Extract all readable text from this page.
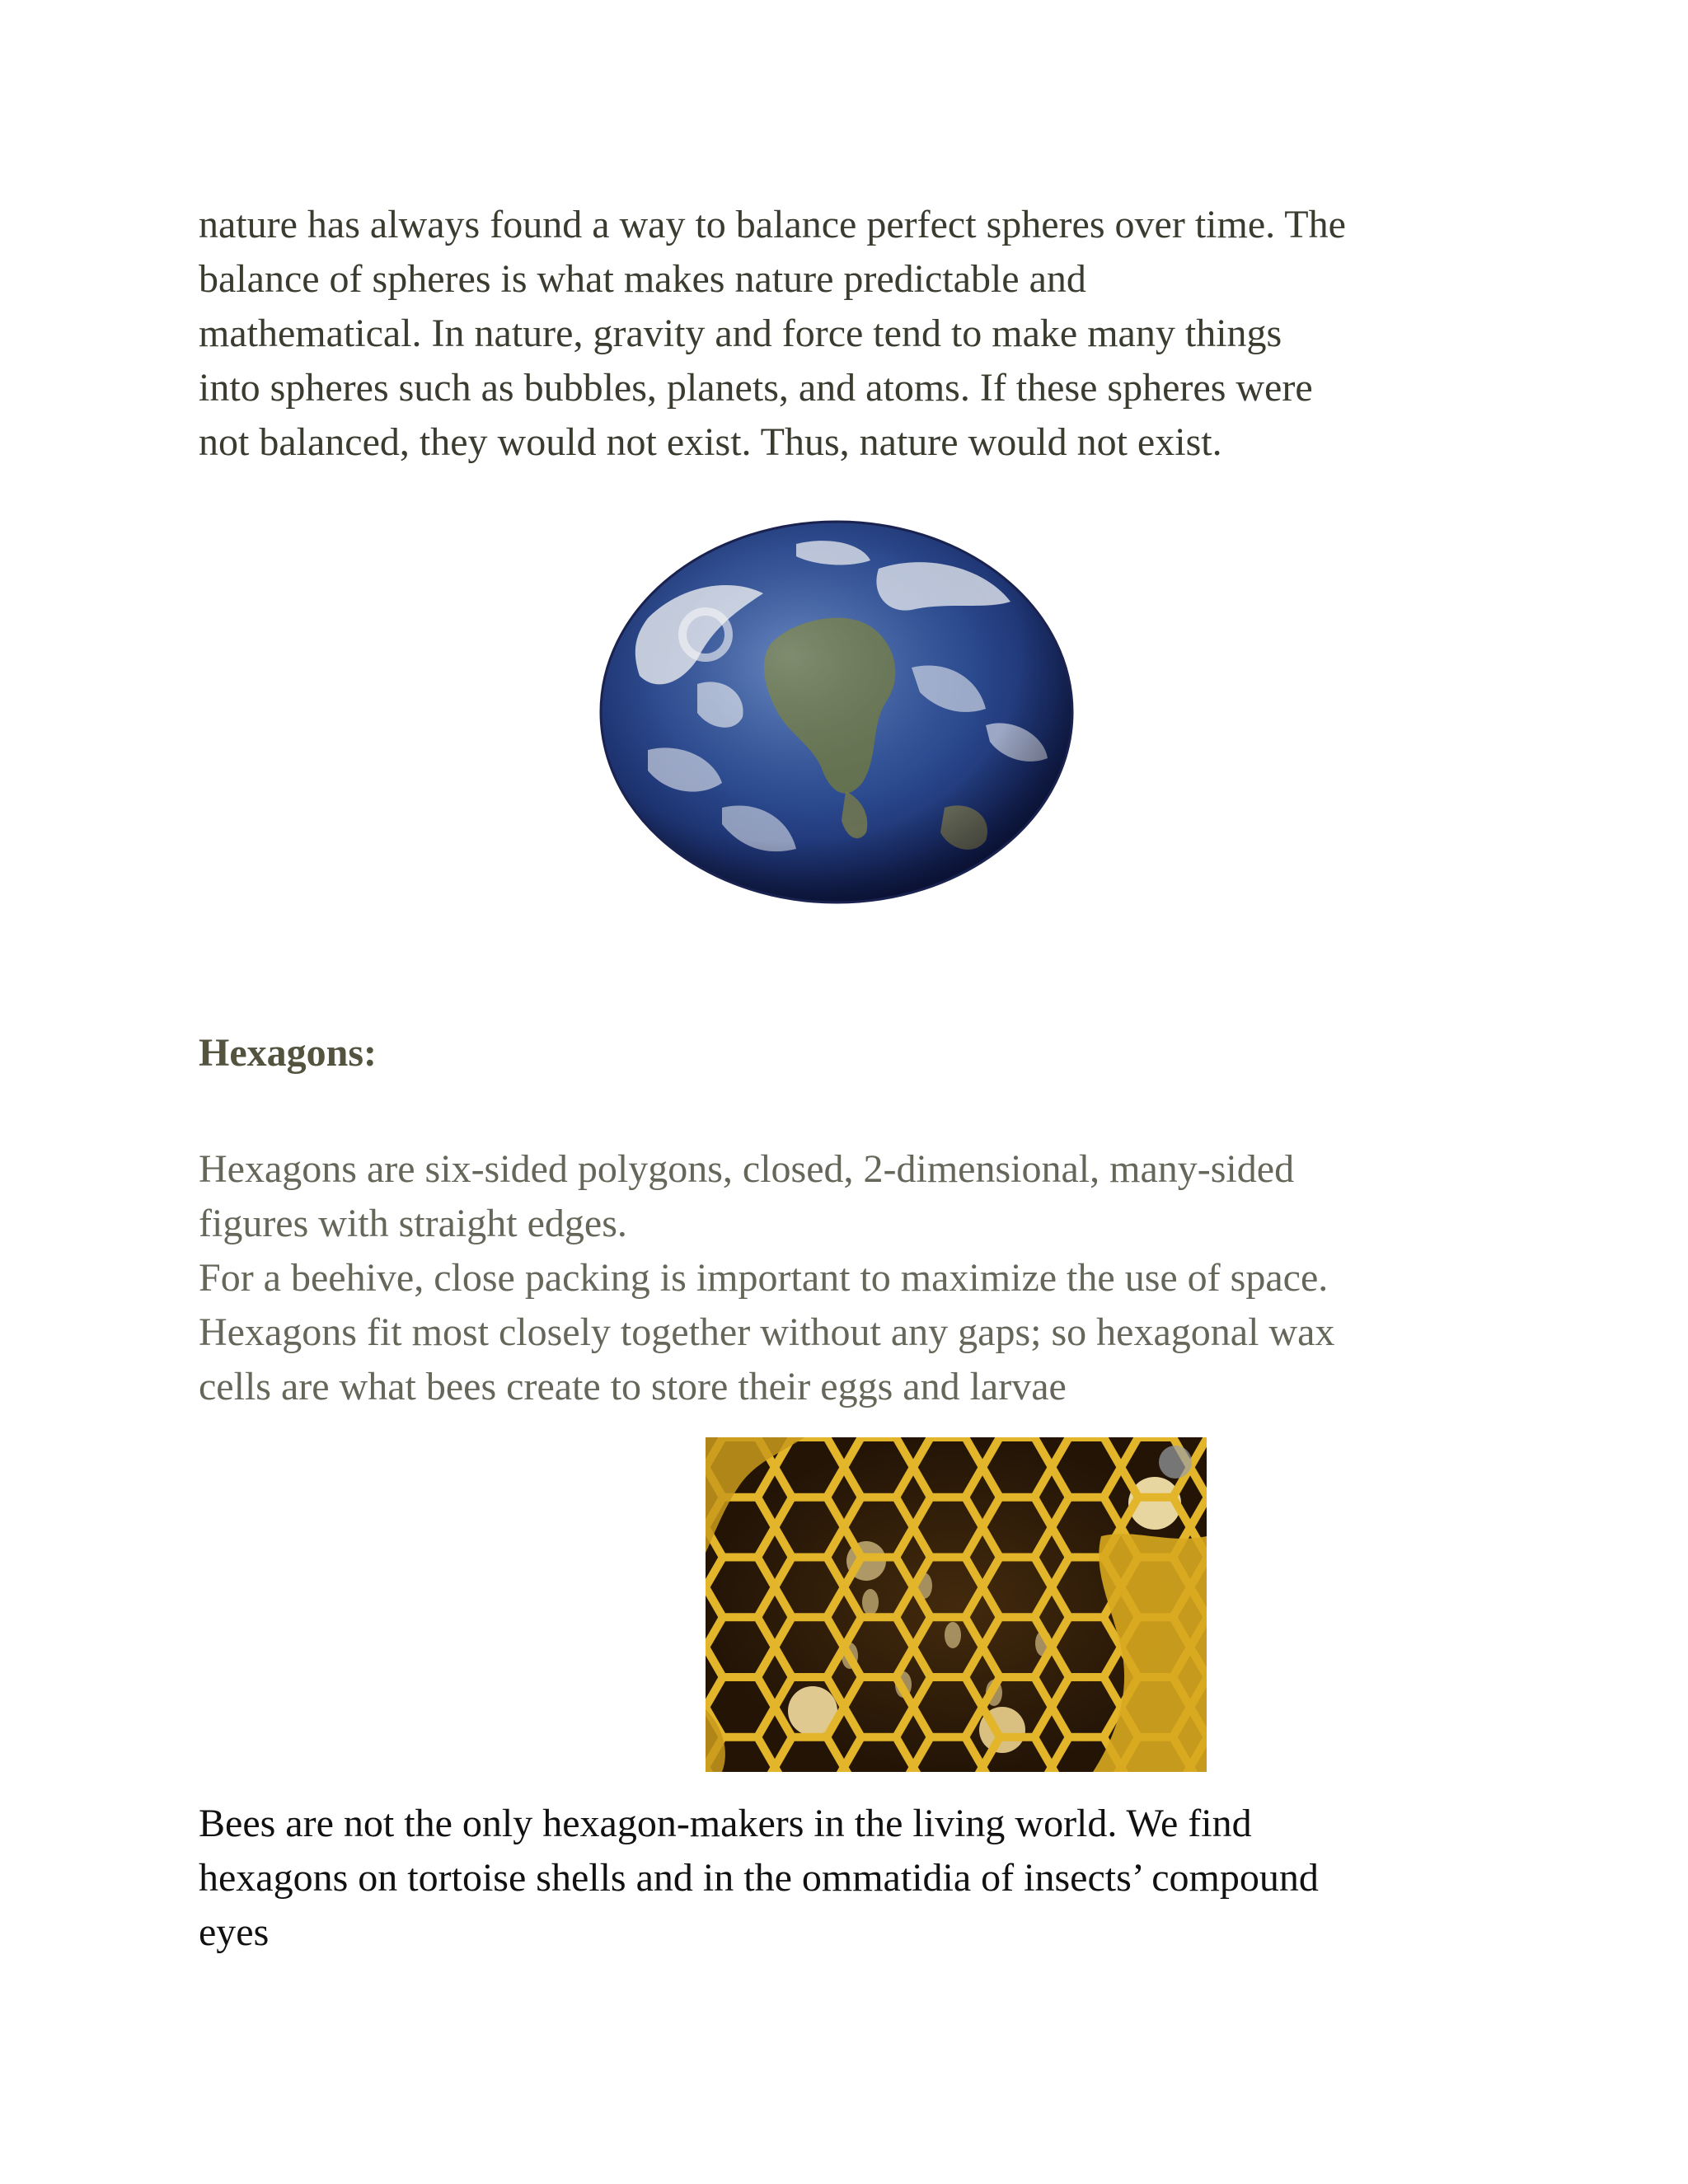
nature has always found a way to balance perfect spheres over time. The
balance of spheres is what makes nature predictable and
mathematical. In nature, gravity and force tend to make many things
into spheres such as bubbles, planets, and atoms. If these spheres were
not balanced, they would not exist. Thus, nature would not exist.

Hexagons:

Hexagons are six-sided polygons, closed, 2-dimensional, many-sided
figures with straight edges.
For a beehive, close packing is important to maximize the use of space.
Hexagons fit most closely together without any gaps; so hexagonal wax
cells are what bees create to store their eggs and larvae

Bees are not the only hexagon-makers in the living world. We find
hexagons on tortoise shells and in the ommatidia of insects’ compound
eyes
